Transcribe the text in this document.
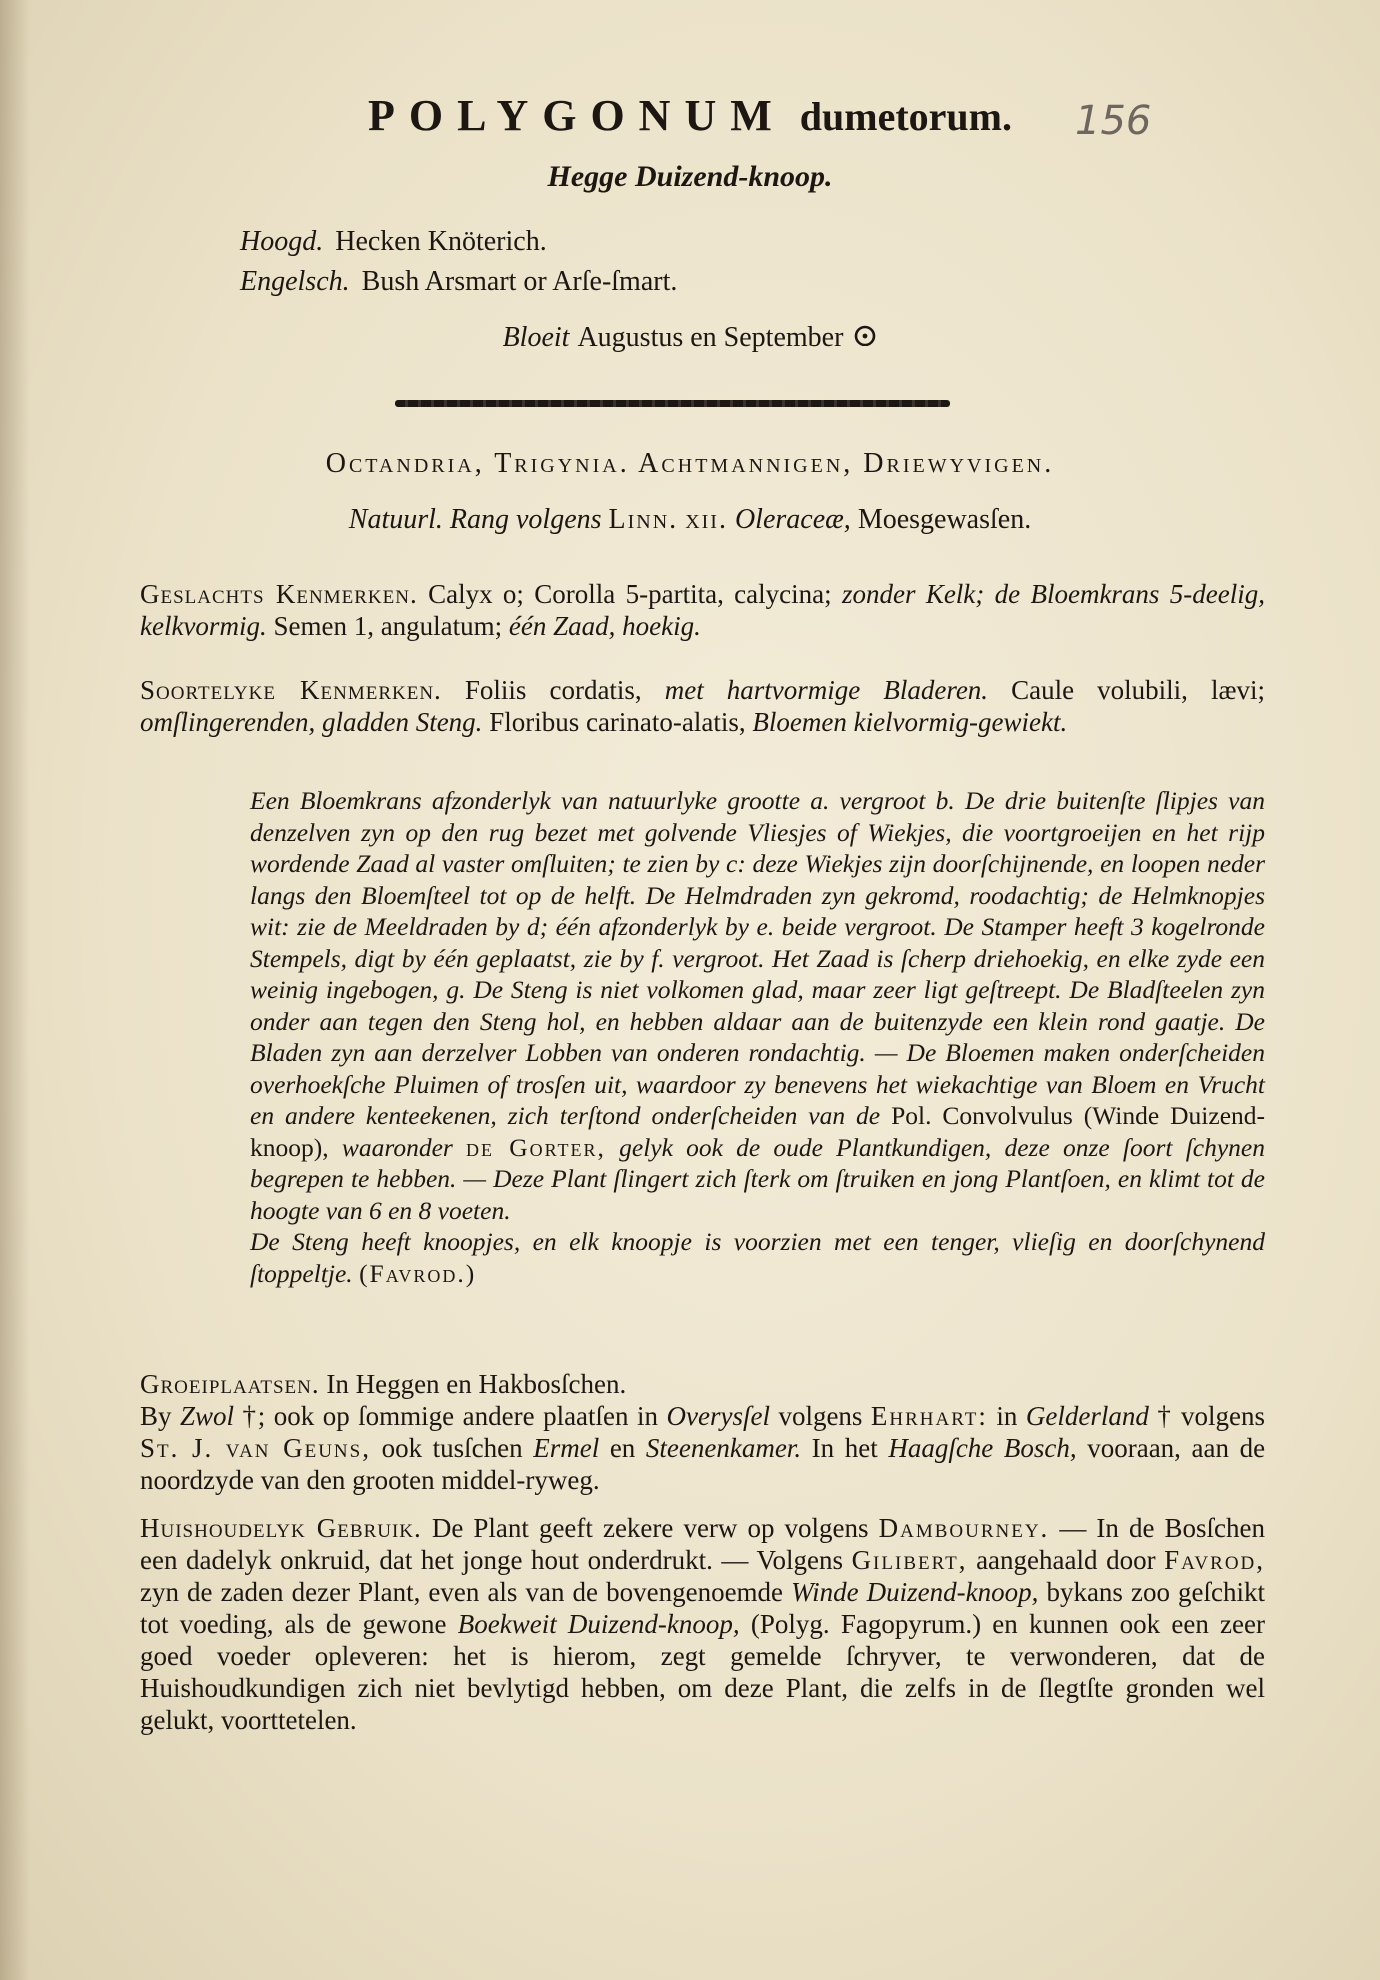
POLYGONUM dumetorum.	156
Hegge Duizend-knoop.
Hoogd. Hecken Knöterich.
Engelsch. Bush Arsmart or Arſe-ſmart.
Bloeit Augustus en September
Octandria, Trigynia. Achtmannigen, Driewyvigen.
Natuurl. Rang volgens Linn. xii. Oleraceæ, Moesgewasſen.
Geslachts Kenmerken. Calyx o; Corolla 5-partita, calycina; zonder Kelk; de Bloemkrans 5-deelig, kelkvormig. Semen 1, angulatum; één Zaad, hoekig.
Soortelyke Kenmerken. Foliis cordatis, met hartvormige Bladeren. Caule volubili, lævi; omſlingerenden, gladden Steng. Floribus carinato-alatis, Bloemen kielvormig-gewiekt.

Een Bloemkrans afzonderlyk van natuurlyke grootte a. vergroot b. De drie buitenſte ſlipjes van denzelven zyn op den rug bezet met golvende Vliesjes of Wiekjes, die voortgroeijen en het rijp wordende Zaad al vaster omſluiten; te zien by c: deze Wiekjes zijn doorſchijnende, en loopen neder langs den Bloemſteel tot op de helft. De Helmdraden zyn gekromd, roodachtig; de Helmknopjes wit: zie de Meeldraden by d; één afzonderlyk by e. beide vergroot. De Stamper heeft 3 kogelronde Stempels, digt by één geplaatst, zie by f. vergroot. Het Zaad is ſcherp driehoekig, en elke zyde een weinig ingebogen, g. De Steng is niet volkomen glad, maar zeer ligt geſtreept. De Bladſteelen zyn onder aan tegen den Steng hol, en hebben aldaar aan de buitenzyde een klein rond gaatje. De Bladen zyn aan derzelver Lobben van onderen rondachtig. — De Bloemen maken onderſcheiden overhoekſche Pluimen of trosſen uit, waardoor zy benevens het wiekachtige van Bloem en Vrucht en andere kenteekenen, zich terſtond onderſcheiden van de Pol. Convolvulus (Winde Duizend-knoop), waaronder de Gorter, gelyk ook de oude Plantkundigen, deze onze ſoort ſchynen begrepen te hebben. — Deze Plant ſlingert zich ſterk om ſtruiken en jong Plantſoen, en klimt tot de hoogte van 6 en 8 voeten.

De Steng heeft knoopjes, en elk knoopje is voorzien met een tenger, vlieſig en doorſchynend ſtoppeltje. (Favrod.)

Groeiplaatsen. In Heggen en Hakbosſchen.
By Zwol †; ook op ſommige andere plaatſen in Overysſel volgens Ehrhart: in Gelderland † volgens St. J. van Geuns, ook tusſchen Ermel en Steenenkamer. In het Haagſche Bosch, vooraan, aan de noordzyde van den grooten middel-ryweg.
Huishoudelyk Gebruik. De Plant geeft zekere verw op volgens Dambourney. — In de Bosſchen een dadelyk onkruid, dat het jonge hout onderdrukt. — Volgens Gilibert, aangehaald door Favrod, zyn de zaden dezer Plant, even als van de bovengenoemde Winde Duizend-knoop, bykans zoo geſchikt tot voeding, als de gewone Boekweit Duizend-knoop, (Polyg. Fagopyrum.) en kunnen ook een zeer goed voeder opleveren: het is hierom, zegt gemelde ſchryver, te verwonderen, dat de Huishoudkundigen zich niet bevlytigd hebben, om deze Plant, die zelfs in de ſlegtſte gronden wel gelukt, voorttetelen.
